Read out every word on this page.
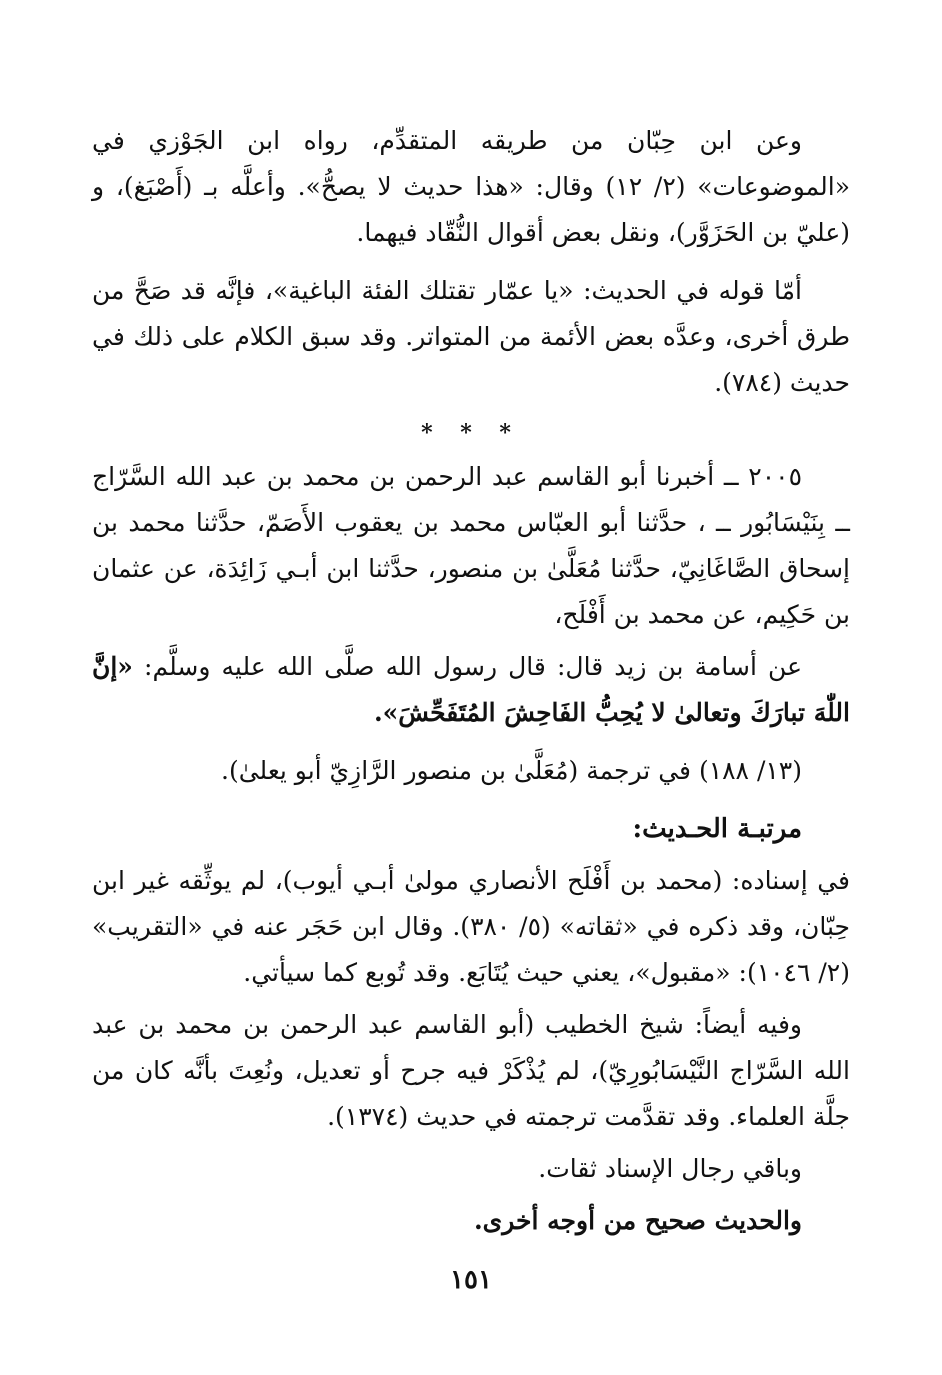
وعن ابن حِبّان من طريقه المتقدِّم، رواه ابن الجَوْزي في «الموضوعات» (٢/ ١٢) وقال: «هذا حديث لا يصحُّ». وأعلَّه بـ (أَصْبَغ)، و (عليّ بن الحَزَوَّر)، ونقل بعض أقوال النُّقّاد فيهما.

أمّا قوله في الحديث: «يا عمّار تقتلك الفئة الباغية»، فإنَّه قد صَحَّ من طرق أخرى، وعدَّه بعض الأئمة من المتواتر. وقد سبق الكلام على ذلك في حديث (٧٨٤).

* * *

٢٠٠٥ ــ أخبرنا أبو القاسم عبد الرحمن بن محمد بن عبد الله السَّرّاج ــ بِنَيْسَابُور ــ ، حدَّثنا أبو العبّاس محمد بن يعقوب الأَصَمّ، حدَّثنا محمد بن إسحاق الصَّاغَانِيّ، حدَّثنا مُعَلَّىٰ بن منصور، حدَّثنا ابن أبـي زَائِدَة، عن عثمان بن حَكِيم، عن محمد بن أَفْلَح،

عن أسامة بن زيد قال: قال رسول الله صلَّى الله عليه وسلَّم: «إنَّ اللّٰهَ تبارَكَ وتعالىٰ لا يُحِبُّ الفَاحِشَ المُتَفَحِّشَ».

(١٣/ ١٨٨) في ترجمة (مُعَلَّىٰ بن منصور الرَّازِيّ أبو يعلىٰ).

مرتبـة الحـديث:

في إسناده: (محمد بن أَفْلَح الأنصاري مولىٰ أبـي أيوب)، لم يوثِّقه غير ابن حِبّان، وقد ذكره في «ثقاته» (٥/ ٣٨٠). وقال ابن حَجَر عنه في «التقريب» (٢/ ١٠٤٦): «مقبول»، يعني حيث يُتَابَع. وقد تُوبع كما سيأتي.

وفيه أيضاً: شيخ الخطيب (أبو القاسم عبد الرحمن بن محمد بن عبد الله السَّرّاج النَّيْسَابُورِيّ)، لم يُذْكَرْ فيه جرح أو تعديل، ونُعِتَ بأنَّه كان من جلَّة العلماء. وقد تقدَّمت ترجمته في حديث (١٣٧٤).

وباقي رجال الإسناد ثقات.

والحديث صحيح من أوجه أخرى.

١٥١
